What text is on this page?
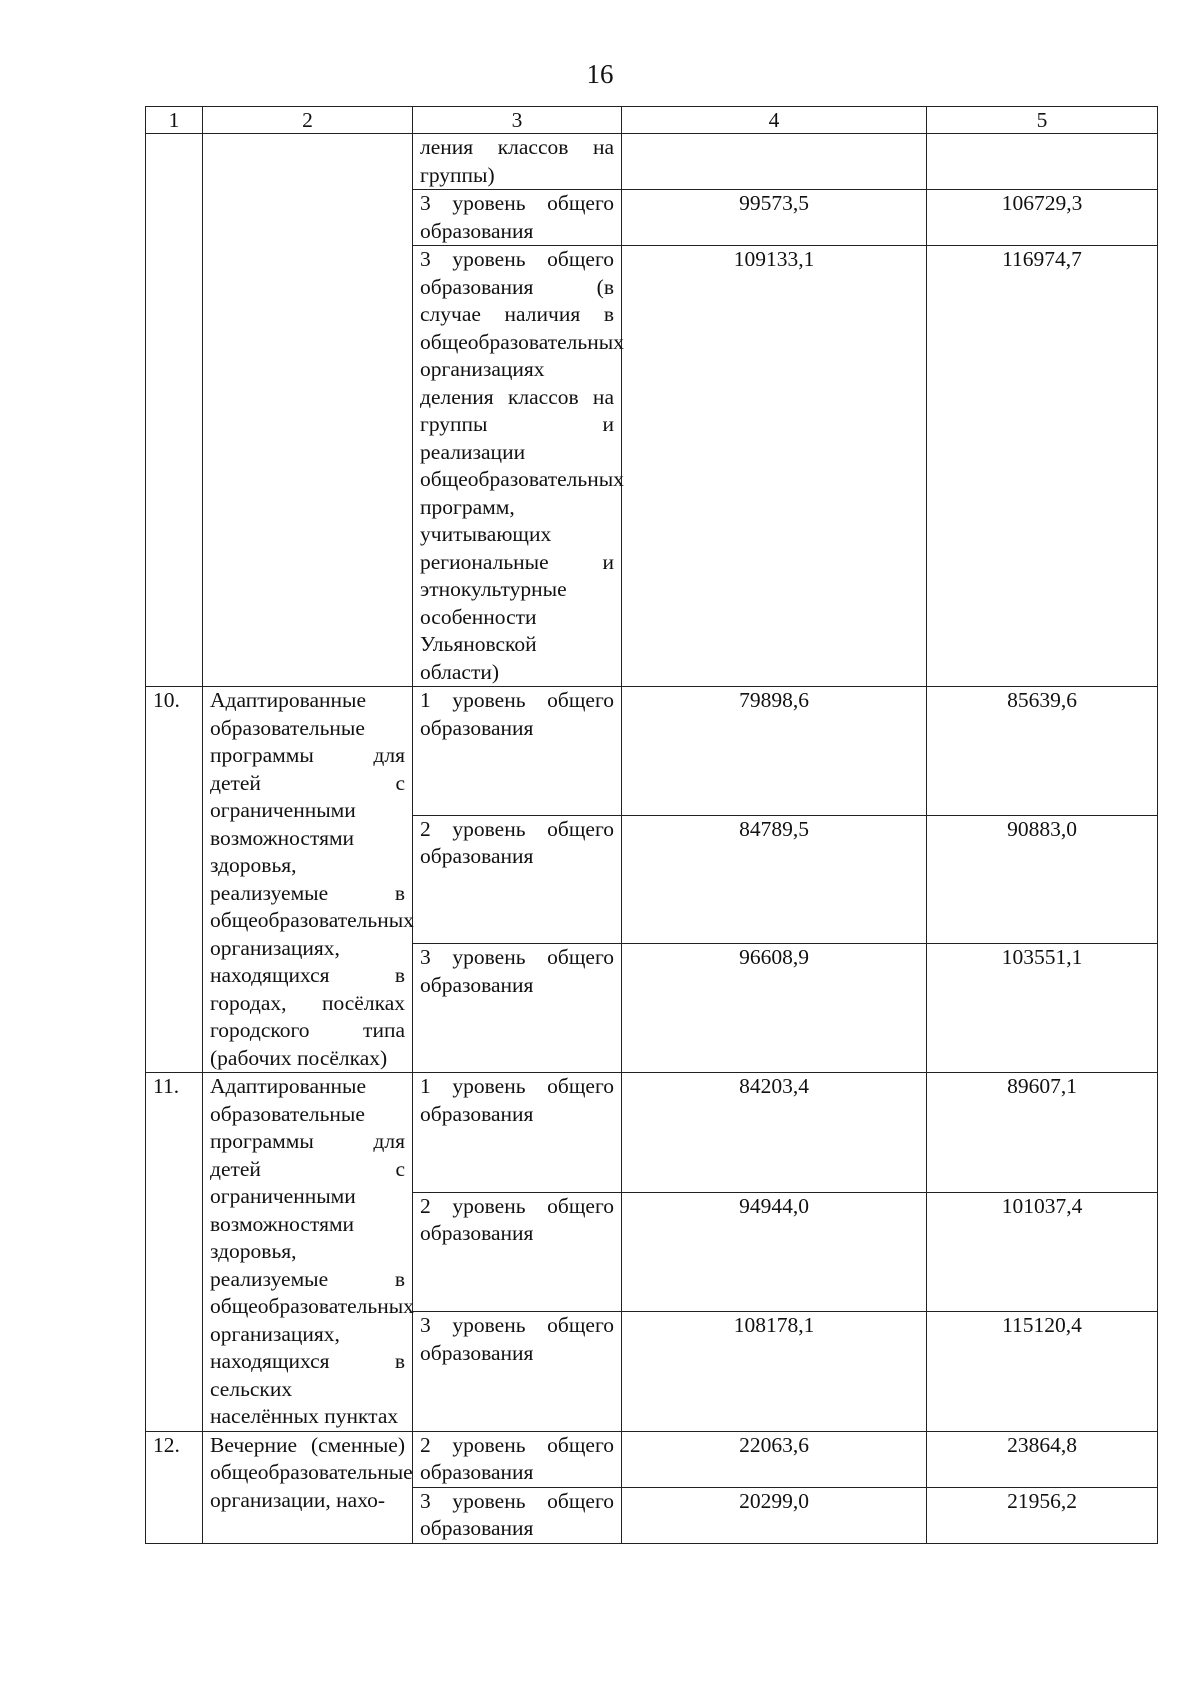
16
1	2	3	4	5
		ления классов на группы)		
		3 уровень общего образования	99573,5	106729,3
		3 уровень общего образования (в случае наличия в общеобразовательных организациях деления классов на группы и реализации общеобразовательных программ, учитывающих региональные и этнокультурные особенности Ульяновской области)	109133,1	116974,7
10.	Адаптированные образовательные программы для детей с ограниченными возможностями здоровья, реализуемые в общеобразовательных организациях, находящихся в городах, посёлках городского типа (рабочих посёлках)	1 уровень общего образования	79898,6	85639,6
		2 уровень общего образования	84789,5	90883,0
		3 уровень общего образования	96608,9	103551,1
11.	Адаптированные образовательные программы для детей с ограниченными возможностями здоровья, реализуемые в общеобразовательных организациях, находящихся в сельских населённых пунктах	1 уровень общего образования	84203,4	89607,1
		2 уровень общего образования	94944,0	101037,4
		3 уровень общего образования	108178,1	115120,4
12.	Вечерние (сменные) общеобразовательные организации, нахо-	2 уровень общего образования	22063,6	23864,8
		3 уровень общего образования	20299,0	21956,2
